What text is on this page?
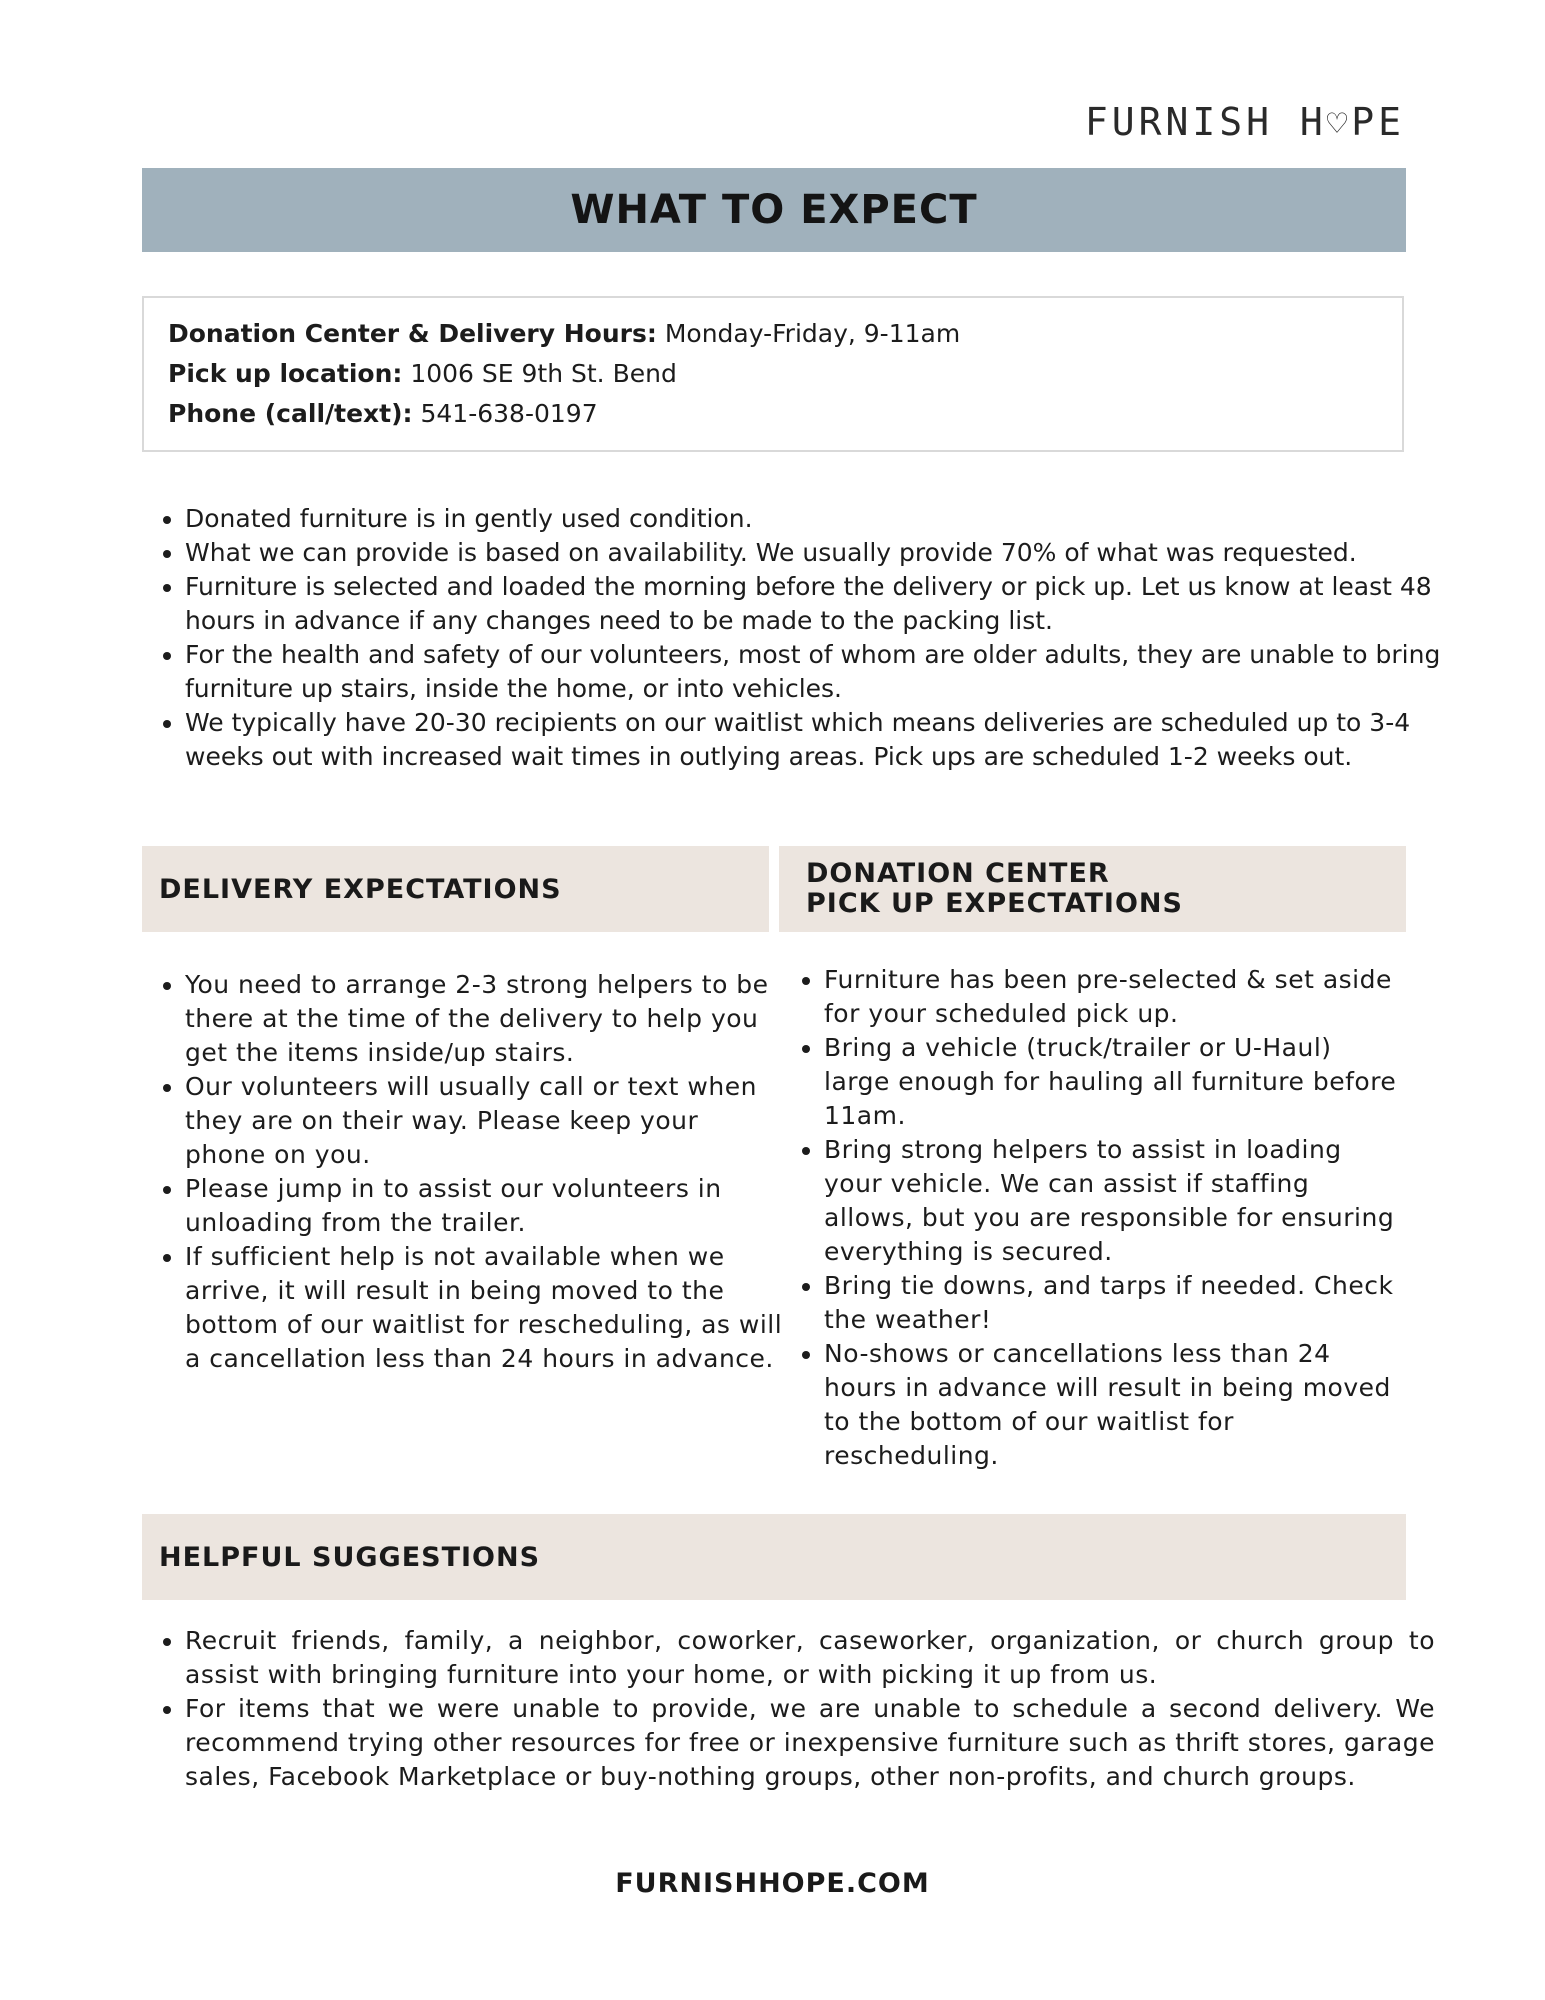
FURNISH H♡PE
WHAT TO EXPECT
Donation Center & Delivery Hours: Monday-Friday, 9-11am
Pick up location: 1006 SE 9th St. Bend
Phone (call/text): 541-638-0197
• Donated furniture is in gently used condition.
• What we can provide is based on availability. We usually provide 70% of what was requested.
• Furniture is selected and loaded the morning before the delivery or pick up. Let us know at least 48 hours in advance if any changes need to be made to the packing list.
• For the health and safety of our volunteers, most of whom are older adults, they are unable to bring furniture up stairs, inside the home, or into vehicles.
• We typically have 20-30 recipients on our waitlist which means deliveries are scheduled up to 3-4 weeks out with increased wait times in outlying areas. Pick ups are scheduled 1-2 weeks out.
DELIVERY EXPECTATIONS	DONATION CENTER
PICK UP EXPECTATIONS
• You need to arrange 2-3 strong helpers to be there at the time of the delivery to help you get the items inside/up stairs.
• Our volunteers will usually call or text when they are on their way. Please keep your phone on you.
• Please jump in to assist our volunteers in unloading from the trailer.
• If sufficient help is not available when we arrive, it will result in being moved to the bottom of our waitlist for rescheduling, as will a cancellation less than 24 hours in advance.
• Furniture has been pre-selected & set aside for your scheduled pick up.
• Bring a vehicle (truck/trailer or U-Haul) large enough for hauling all furniture before 11am.
• Bring strong helpers to assist in loading your vehicle. We can assist if staffing allows, but you are responsible for ensuring everything is secured.
• Bring tie downs, and tarps if needed. Check the weather!
• No-shows or cancellations less than 24 hours in advance will result in being moved to the bottom of our waitlist for rescheduling.
HELPFUL SUGGESTIONS
• Recruit friends, family, a neighbor, coworker, caseworker, organization, or church group to assist with bringing furniture into your home, or with picking it up from us.
• For items that we were unable to provide, we are unable to schedule a second delivery. We recommend trying other resources for free or inexpensive furniture such as thrift stores, garage sales, Facebook Marketplace or buy-nothing groups, other non-profits, and church groups.
FURNISHHOPE.COM
